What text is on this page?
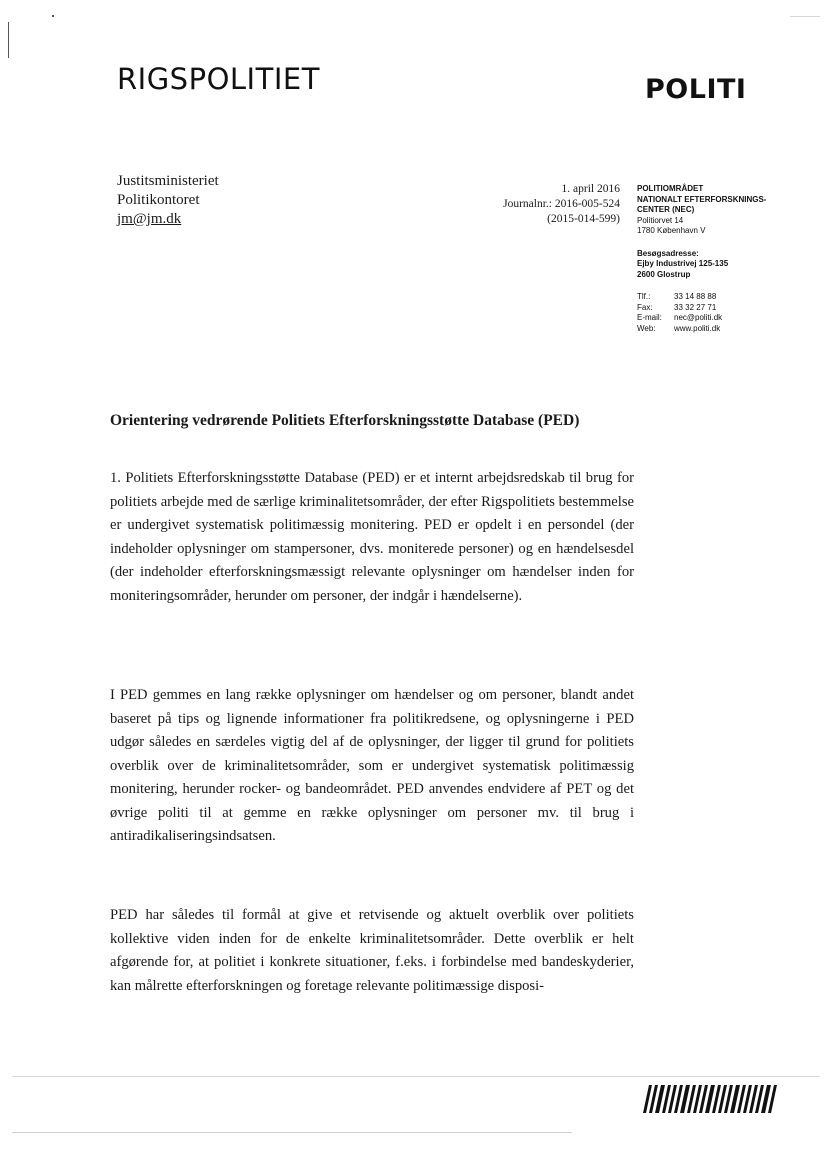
RIGSPOLITIET	POLITI
Justitsministeriet
Politikontoret
jm@jm.dk
1. april 2016
Journalnr.: 2016-005-524
(2015-014-599)
POLITIOMRÅDET
NATIONALT EFTERFORSKNINGS-
CENTER (NEC)
Politiorvet 14
1780 København V
Besøgsadresse:
Ejby Industrivej 125-135
2600 Glostrup
Tlf.:	33 14 88 88
Fax:	33 32 27 71
E-mail:	nec@politi.dk
Web:	www.politi.dk
Orientering vedrørende Politiets Efterforskningsstøtte Database (PED)
1. Politiets Efterforskningsstøtte Database (PED) er et internt arbejdsredskab til brug for politiets arbejde med de særlige kriminalitetsområder, der efter Rigspolitiets bestemmelse er undergivet systematisk politimæssig monitering. PED er opdelt i en persondel (der indeholder oplysninger om stampersoner, dvs. moniterede personer) og en hændelsesdel (der indeholder efterforskningsmæssigt relevante oplysninger om hændelser inden for moniteringsområder, herunder om personer, der indgår i hændelserne).
I PED gemmes en lang række oplysninger om hændelser og om personer, blandt andet baseret på tips og lignende informationer fra politikredsene, og oplysningerne i PED udgør således en særdeles vigtig del af de oplysninger, der ligger til grund for politiets overblik over de kriminalitetsområder, som er undergivet systematisk politimæssig monitering, herunder rocker- og bandeområdet. PED anvendes endvidere af PET og det øvrige politi til at gemme en række oplysninger om personer mv. til brug i antiradikaliseringsindsatsen.
PED har således til formål at give et retvisende og aktuelt overblik over politiets kollektive viden inden for de enkelte kriminalitetsområder. Dette overblik er helt afgørende for, at politiet i konkrete situationer, f.eks. i forbindelse med bandeskyderier, kan målrette efterforskningen og foretage relevante politimæssige disposi-
